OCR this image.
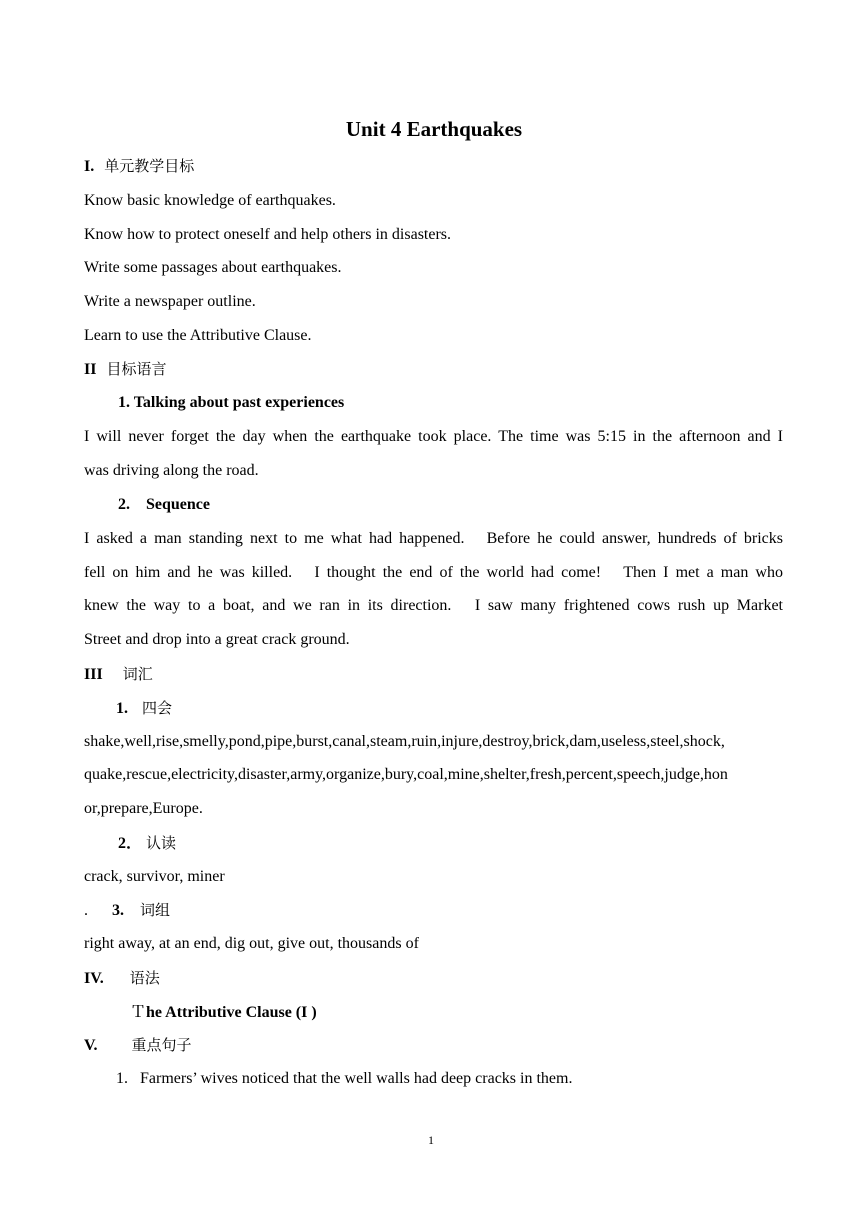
Unit 4 Earthquakes
I. 单元教学目标
Know basic knowledge of earthquakes.
Know how to protect oneself and help others in disasters.
Write some passages about earthquakes.
Write a newspaper outline.
Learn to use the Attributive Clause.
II 目标语言
1. Talking about past experiences
I will never forget the day when the earthquake took place. The time was 5:15 in the afternoon and I
was driving along the road.
2. Sequence
I asked a man standing next to me what had happened.　Before he could answer, hundreds of bricks
fell on him and he was killed.　I thought the end of the world had come!　Then I met a man who
knew the way to a boat, and we ran in its direction.　I saw many frightened cows rush up Market
Street and drop into a great crack ground.
III 词汇
1. 四会
shake,well,rise,smelly,pond,pipe,burst,canal,steam,ruin,injure,destroy,brick,dam,useless,steel,shock,
quake,rescue,electricity,disaster,army,organize,bury,coal,mine,shelter,fresh,percent,speech,judge,hon
or,prepare,Europe.
2． 认读
crack, survivor, miner
. 3. 词组
right away, at an end, dig out, give out, thousands of
IV. 语法
Ｔhe Attributive Clause (I )
V. 重点句子
1. Farmers’ wives noticed that the well walls had deep cracks in them.
1
